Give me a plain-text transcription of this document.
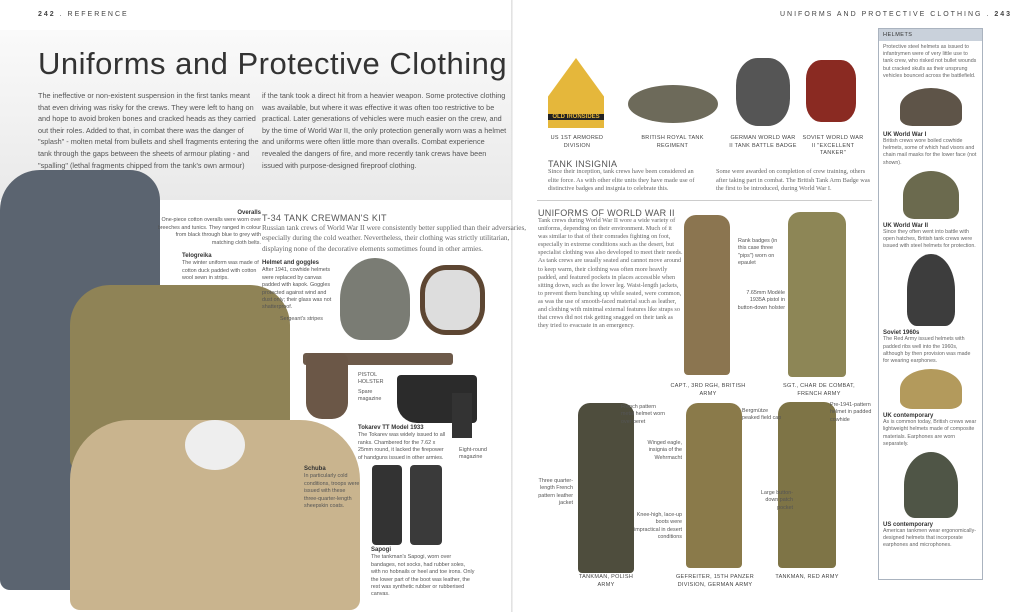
242 . REFERENCE	UNIFORMS AND PROTECTIVE CLOTHING . 243
Uniforms and Protective Clothing
The ineffective or non-existent suspension in the first tanks meant that even driving was risky for the crews. They were left to hang on and hope to avoid broken bones and cracked heads as they carried out their roles. Added to that, in combat there was the danger of "splash" - molten metal from bullets and shell fragments entering the tank through the gaps between the sheets of armour plating - and "spalling" (lethal fragments chipped from the tank's own armour)
if the tank took a direct hit from a heavier weapon. Some protective clothing was available, but where it was effective it was often too restrictive to be practical. Later generations of vehicles were much easier on the crew, and by the time of World War II, the only protection generally worn was a helmet and uniforms were often little more than overalls. Combat experience revealed the dangers of fire, and more recently tank crews have been issued with purpose-designed fireproof clothing.
Overalls
One-piece cotton overalls were worn over breeches and tunics. They ranged in colour from black through blue to grey with matching cloth belts.
Telogreika
The winter uniform was made of cotton duck padded with cotton wool sewn in strips.
T-34 TANK CREWMAN'S KIT
Russian tank crews of World War II were consistently better supplied than their adversaries, especially during the cold weather. Nevertheless, their clothing was strictly utilitarian, displaying none of the decorative elements sometimes found in other armies.
Helmet and goggles
After 1941, cowhide helmets were replaced by canvas padded with kapok. Goggles protected against wind and dust only; their glass was not shatterproof.
Sergeant's stripes
PISTOL HOLSTER
Spare magazine
Tokarev TT Model 1933
The Tokarev was widely issued to all ranks. Chambered for the 7.62 x 25mm round, it lacked the firepower of handguns issued in other armies.
Eight-round magazine
Schuba
In particularly cold conditions, troops were issued with these three-quarter-length sheepskin coats.
Sapogi
The tankman's Sapogi, worn over bandages, not socks, had rubber soles, with no hobnails or heel and toe irons. Only the lower part of the boot was leather, the rest was synthetic rubber or rubberised canvas.
OLD IRONSIDES
US 1ST ARMORED DIVISION
BRITISH ROYAL TANK REGIMENT
GERMAN WORLD WAR II TANK BATTLE BADGE
SOVIET WORLD WAR II "EXCELLENT TANKER"
TANK INSIGNIA
Since their inception, tank crews have been considered an elite force. As with other elite units they have made use of distinctive badges and insignia to celebrate this.
Some were awarded on completion of crew training, others after taking part in combat. The British Tank Arm Badge was the first to be introduced, during World War I.
UNIFORMS OF WORLD WAR II
Tank crews during World War II wore a wide variety of uniforms, depending on their environment. Much of it was similar to that of their comrades fighting on foot, especially in extreme conditions such as the desert, but specialist clothing was also developed to meet their needs. As tank crews are usually seated and cannot move around to keep warm, their clothing was often more heavily padded, and featured pockets in places accessible when sitting down, such as the lower leg. Waist-length jackets, to prevent them bunching up while seated, were common, as was the use of smooth-faced material such as leather, and clothing with minimal external features like straps so that crews did not risk getting snagged on their tank as they tried to evacuate in an emergency.
CAPT., 3RD RGH, BRITISH ARMY
SGT., CHAR DE COMBAT, FRENCH ARMY
TANKMAN, POLISH ARMY
GEFREITER, 15TH PANZER DIVISION, GERMAN ARMY
TANKMAN, RED ARMY
Rank badges (in this case three "pips") worn on epaulet
7.65mm Modèle 1935A pistol in button-down holster
French pattern metal helmet worn over beret
Three quarter-length French pattern leather jacket
Bergmütze peaked field cap
Winged eagle, insignia of the Wehrmacht
Knee-high, lace-up boots were impractical in desert conditions
Pre-1941-pattern helmet in padded cowhide
Large button-down patch pocket
HELMETS

Protective steel helmets as issued to infantrymen were of very little use to tank crew, who risked not bullet wounds but cracked skulls as their unsprung vehicles bounced across the battlefield.

UK World War I

British crews wore boiled cowhide helmets, some of which had visors and chain mail masks for the lower face (not shown).

UK World War II

Since they often went into battle with open hatches, British tank crews were issued with steel helmets for protection.

Soviet 1960s

The Red Army issued helmets with padded ribs well into the 1960s, although by then provision was made for wearing earphones.

UK contemporary

As is common today, British crews wear lightweight helmets made of composite materials. Earphones are worn separately.

US contemporary

American tankmen wear ergonomically-designed helmets that incorporate earphones and microphones.
